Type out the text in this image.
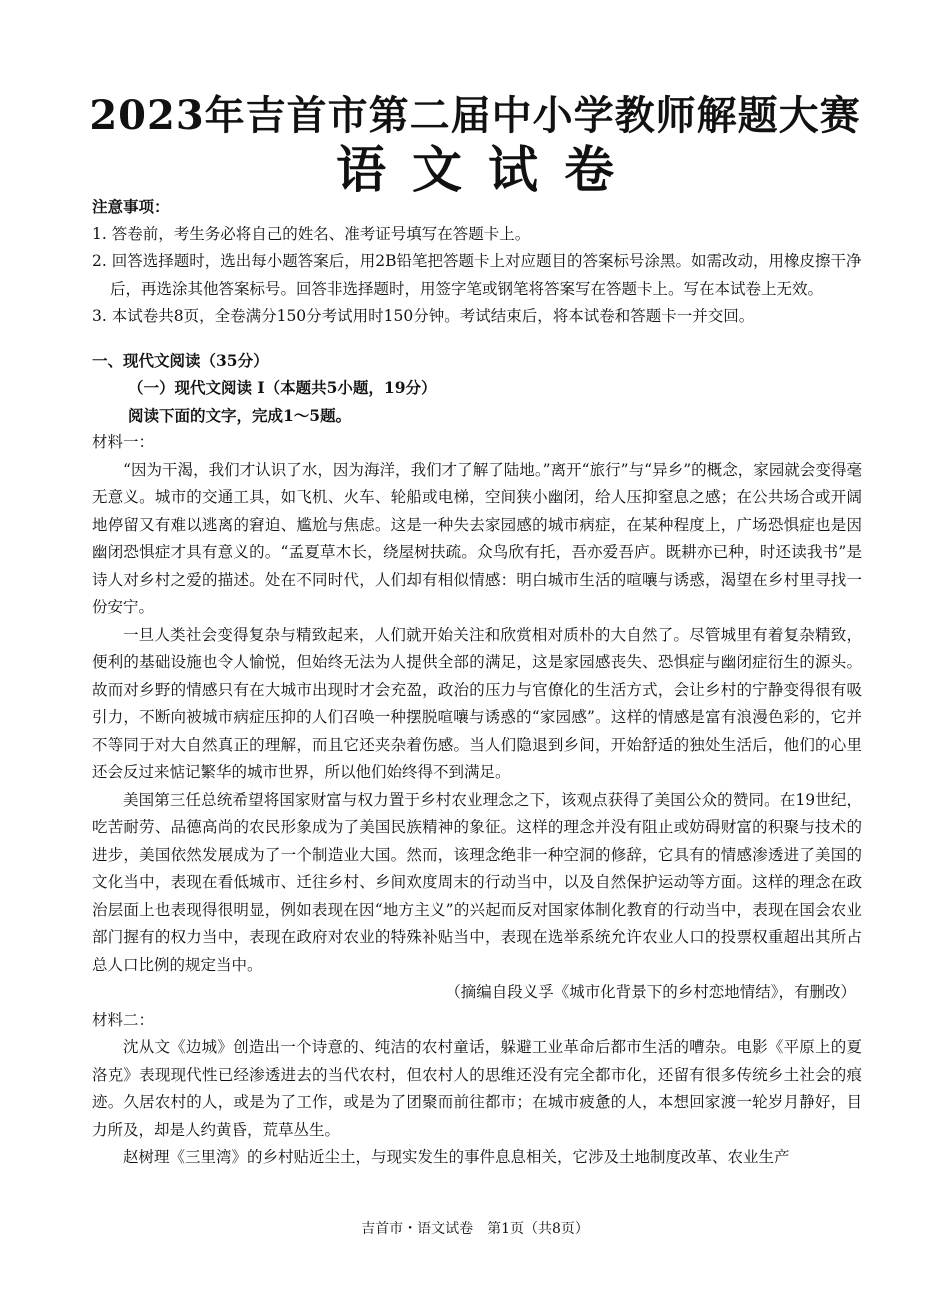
2023年吉首市第二届中小学教师解题大赛
语文试卷

注意事项：

1. 答卷前，考生务必将自己的姓名、准考证号填写在答题卡上。

2. 回答选择题时，选出每小题答案后，用2B铅笔把答题卡上对应题目的答案标号涂黑。如需改动，用橡皮擦干净后，再选涂其他答案标号。回答非选择题时，用签字笔或钢笔将答案写在答题卡上。写在本试卷上无效。

3. 本试卷共8页，全卷满分150分考试用时150分钟。考试结束后，将本试卷和答题卡一并交回。

一、现代文阅读（35分）

（一）现代文阅读 I（本题共5小题，19分）

阅读下面的文字，完成1～5题。

材料一：

“因为干渴，我们才认识了水，因为海洋，我们才了解了陆地。”离开“旅行”与“异乡”的概念，家园就会变得毫无意义。城市的交通工具，如飞机、火车、轮船或电梯，空间狭小幽闭，给人压抑窒息之感；在公共场合或开阔地停留又有难以逃离的窘迫、尴尬与焦虑。这是一种失去家园感的城市病症，在某种程度上，广场恐惧症也是因幽闭恐惧症才具有意义的。“孟夏草木长，绕屋树扶疏。众鸟欣有托，吾亦爱吾庐。既耕亦已种，时还读我书”是诗人对乡村之爱的描述。处在不同时代，人们却有相似情感：明白城市生活的喧嚷与诱惑，渴望在乡村里寻找一份安宁。

一旦人类社会变得复杂与精致起来，人们就开始关注和欣赏相对质朴的大自然了。尽管城里有着复杂精致，便利的基础设施也令人愉悦，但始终无法为人提供全部的满足，这是家园感丧失、恐惧症与幽闭症衍生的源头。故而对乡野的情感只有在大城市出现时才会充盈，政治的压力与官僚化的生活方式，会让乡村的宁静变得很有吸引力，不断向被城市病症压抑的人们召唤一种摆脱喧嚷与诱惑的“家园感”。这样的情感是富有浪漫色彩的，它并不等同于对大自然真正的理解，而且它还夹杂着伤感。当人们隐退到乡间，开始舒适的独处生活后，他们的心里还会反过来惦记繁华的城市世界，所以他们始终得不到满足。

美国第三任总统希望将国家财富与权力置于乡村农业理念之下，该观点获得了美国公众的赞同。在19世纪，吃苦耐劳、品德高尚的农民形象成为了美国民族精神的象征。这样的理念并没有阻止或妨碍财富的积聚与技术的进步，美国依然发展成为了一个制造业大国。然而，该理念绝非一种空洞的修辞，它具有的情感渗透进了美国的文化当中，表现在看低城市、迁往乡村、乡间欢度周末的行动当中，以及自然保护运动等方面。这样的理念在政治层面上也表现得很明显，例如表现在因“地方主义”的兴起而反对国家体制化教育的行动当中，表现在国会农业部门握有的权力当中，表现在政府对农业的特殊补贴当中，表现在选举系统允许农业人口的投票权重超出其所占总人口比例的规定当中。

（摘编自段义孚《城市化背景下的乡村恋地情结》，有删改）

材料二：

沈从文《边城》创造出一个诗意的、纯洁的农村童话，躲避工业革命后都市生活的嘈杂。电影《平原上的夏洛克》表现现代性已经渗透进去的当代农村，但农村人的思维还没有完全都市化，还留有很多传统乡土社会的痕迹。久居农村的人，或是为了工作，或是为了团聚而前往都市；在城市疲惫的人，本想回家渡一轮岁月静好，目力所及，却是人约黄昏，荒草丛生。

赵树理《三里湾》的乡村贴近尘土，与现实发生的事件息息相关，它涉及土地制度改革、农业生产

吉首市・语文试卷　第1页（共8页）
